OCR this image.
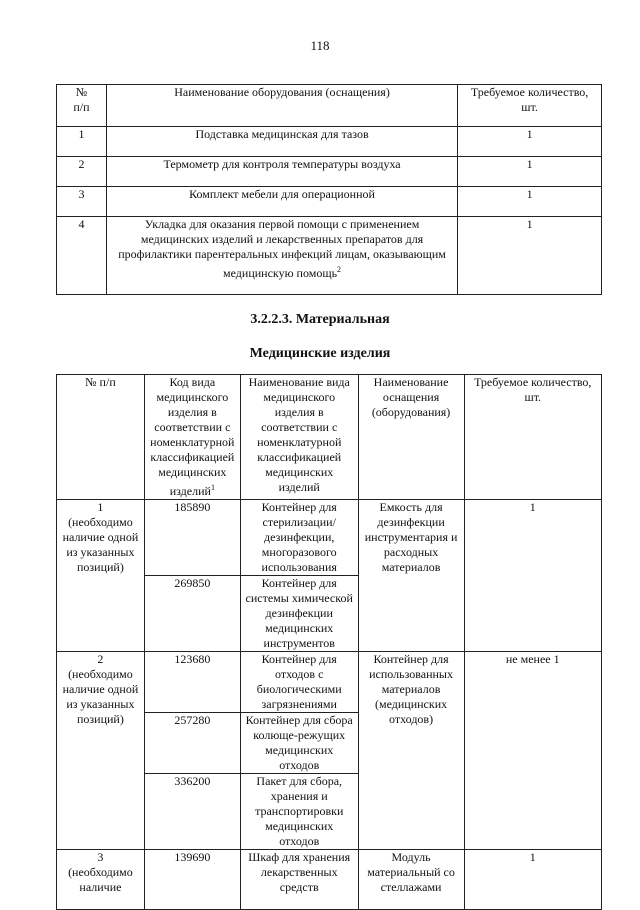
118
№
п/п	Наименование оборудования (оснащения)	Требуемое количество,
шт.
1	Подставка медицинская для тазов	1
2	Термометр для контроля температуры воздуха	1
3	Комплект мебели для операционной	1
4	Укладка для оказания первой помощи с применением медицинских изделий и лекарственных препаратов для профилактики парентеральных инфекций лицам, оказывающим медицинскую помощь$^2$	1
3.2.2.3. Материальная
Медицинские изделия
№ п/п	Код вида медицинского изделия в соответствии с номенклатурной классификацией медицинских изделий$^1$	Наименование вида медицинского изделия в соответствии с номенклатурной классификацией медицинских изделий	Наименование оснащения (оборудования)	Требуемое количество, шт.
1
(необходимо наличие одной из указанных позиций)	185890	Контейнер для стерилизации/ дезинфекции, многоразового использования	Емкость для дезинфекции инструментария и расходных материалов	1
	269850	Контейнер для системы химической дезинфекции медицинских инструментов		
2
(необходимо наличие одной из указанных позиций)	123680	Контейнер для отходов с биологическими загрязнениями	Контейнер для использованных материалов (медицинских отходов)	не менее 1
	257280	Контейнер для сбора колюще-режущих медицинских отходов		
	336200	Пакет для сбора, хранения и транспортировки медицинских отходов		
3
(необходимо наличие	139690	Шкаф для хранения лекарственных средств	Модуль материальный со стеллажами	1
